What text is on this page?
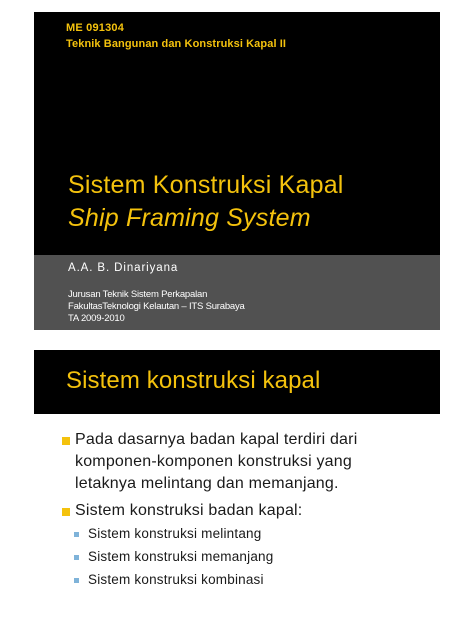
ME 091304
Teknik Bangunan dan Konstruksi Kapal II
Sistem Konstruksi Kapal
Ship Framing System
A.A. B. Dinariyana
Jurusan Teknik Sistem Perkapalan
FakultasTeknologi Kelautan – ITS Surabaya
TA 2009-2010
Sistem konstruksi kapal
Pada dasarnya badan kapal terdiri dari
komponen-komponen konstruksi yang
letaknya melintang dan memanjang.
Sistem konstruksi badan kapal:
Sistem konstruksi melintang
Sistem konstruksi memanjang
Sistem konstruksi kombinasi
